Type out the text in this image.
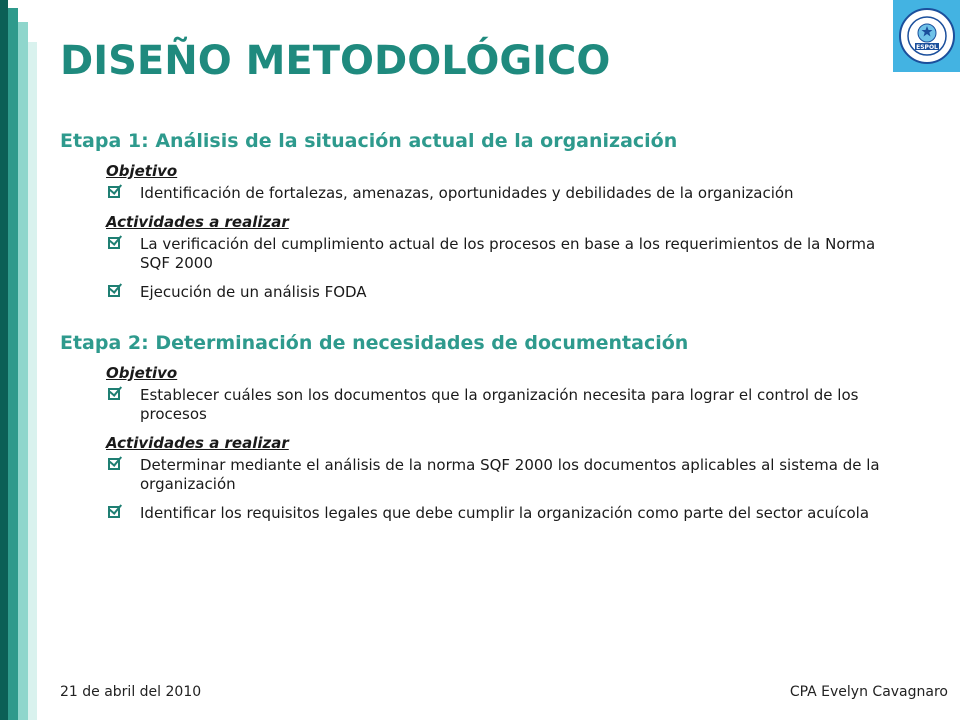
ESPOL
DISEÑO METODOLÓGICO
Etapa 1: Análisis de la situación actual de la organización
Objetivo
Identificación de fortalezas, amenazas, oportunidades y debilidades de la organización
Actividades a realizar
La verificación del cumplimiento actual de los procesos en base a los requerimientos de la Norma SQF 2000
Ejecución de un análisis FODA
Etapa 2: Determinación de necesidades de documentación
Objetivo
Establecer cuáles son los documentos que la organización necesita para lograr el control de los procesos
Actividades a realizar
Determinar mediante el análisis de la norma SQF 2000 los documentos aplicables al sistema de la organización
Identificar los requisitos legales que debe cumplir la organización como parte del sector acuícola
21 de abril del 2010	CPA Evelyn Cavagnaro
